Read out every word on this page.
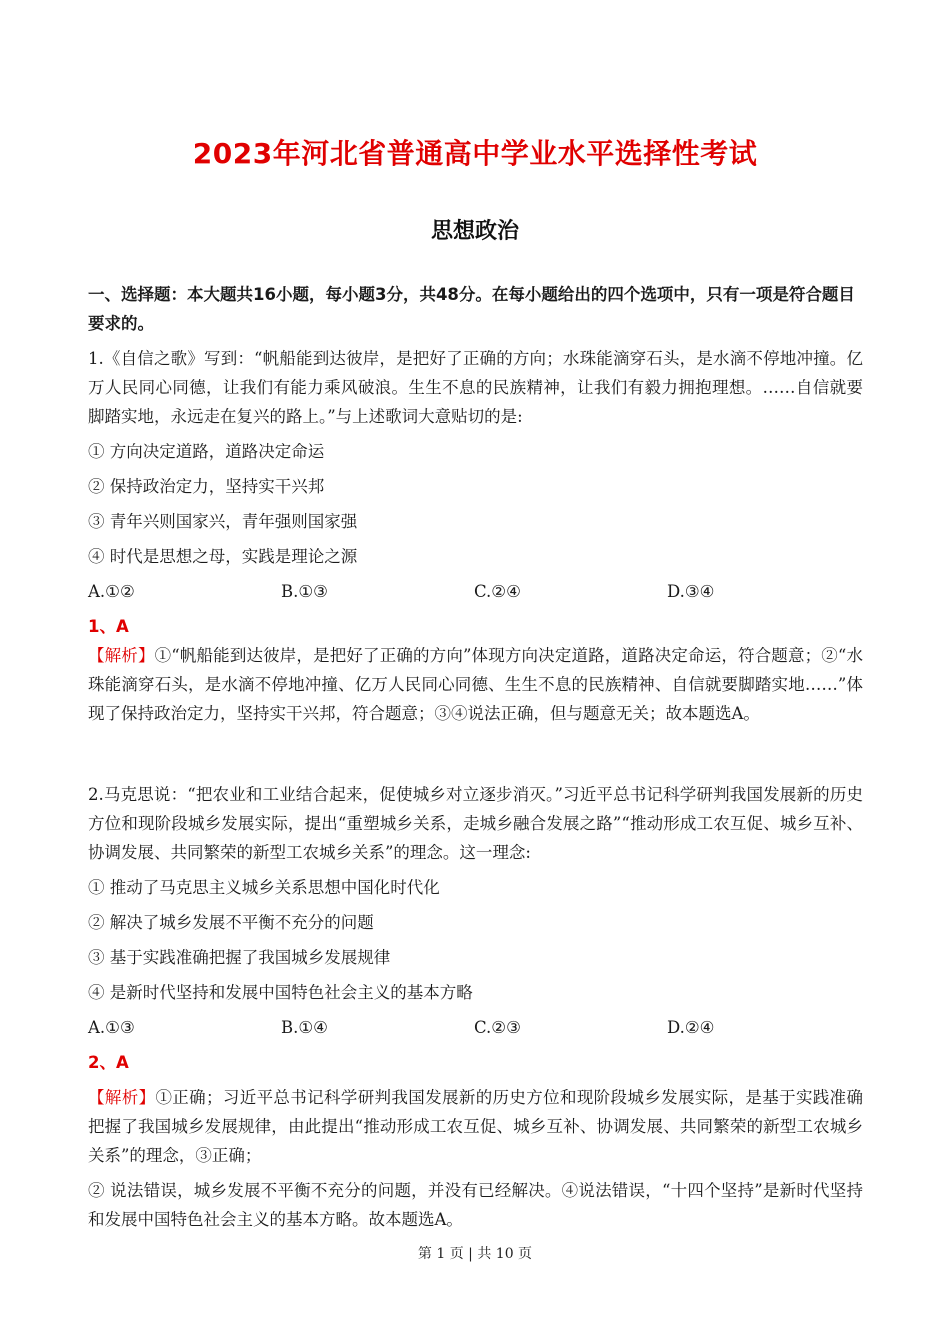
2023年河北省普通高中学业水平选择性考试
思想政治
一、选择题：本大题共16小题，每小题3分，共48分。在每小题给出的四个选项中，只有一项是符合题目要求的。

1.《自信之歌》写到：“帆船能到达彼岸，是把好了正确的方向；水珠能滴穿石头，是水滴不停地冲撞。亿万人民同心同德，让我们有能力乘风破浪。生生不息的民族精神，让我们有毅力拥抱理想。……自信就要脚踏实地，永远走在复兴的路上。”与上述歌词大意贴切的是:

① 方向决定道路，道路决定命运
② 保持政治定力，坚持实干兴邦
③ 青年兴则国家兴，青年强则国家强
④ 时代是思想之母，实践是理论之源
A.①②	B.①③	C.②④	D.③④
1、A

【解析】①“帆船能到达彼岸，是把好了正确的方向”体现方向决定道路，道路决定命运，符合题意；②“水珠能滴穿石头，是水滴不停地冲撞、亿万人民同心同德、生生不息的民族精神、自信就要脚踏实地……”体现了保持政治定力，坚持实干兴邦，符合题意；③④说法正确，但与题意无关；故本题选A。

2.马克思说：“把农业和工业结合起来，促使城乡对立逐步消灭。”习近平总书记科学研判我国发展新的历史方位和现阶段城乡发展实际，提出“重塑城乡关系，走城乡融合发展之路”“推动形成工农互促、城乡互补、协调发展、共同繁荣的新型工农城乡关系”的理念。这一理念:

① 推动了马克思主义城乡关系思想中国化时代化
② 解决了城乡发展不平衡不充分的问题
③ 基于实践准确把握了我国城乡发展规律
④ 是新时代坚持和发展中国特色社会主义的基本方略
A.①③	B.①④	C.②③	D.②④
2、A

【解析】①正确；习近平总书记科学研判我国发展新的历史方位和现阶段城乡发展实际，是基于实践准确把握了我国城乡发展规律，由此提出“推动形成工农互促、城乡互补、协调发展、共同繁荣的新型工农城乡关系”的理念，③正确；

② 说法错误，城乡发展不平衡不充分的问题，并没有已经解决。④说法错误，“十四个坚持”是新时代坚持和发展中国特色社会主义的基本方略。故本题选A。

第 1 页 | 共 10 页
